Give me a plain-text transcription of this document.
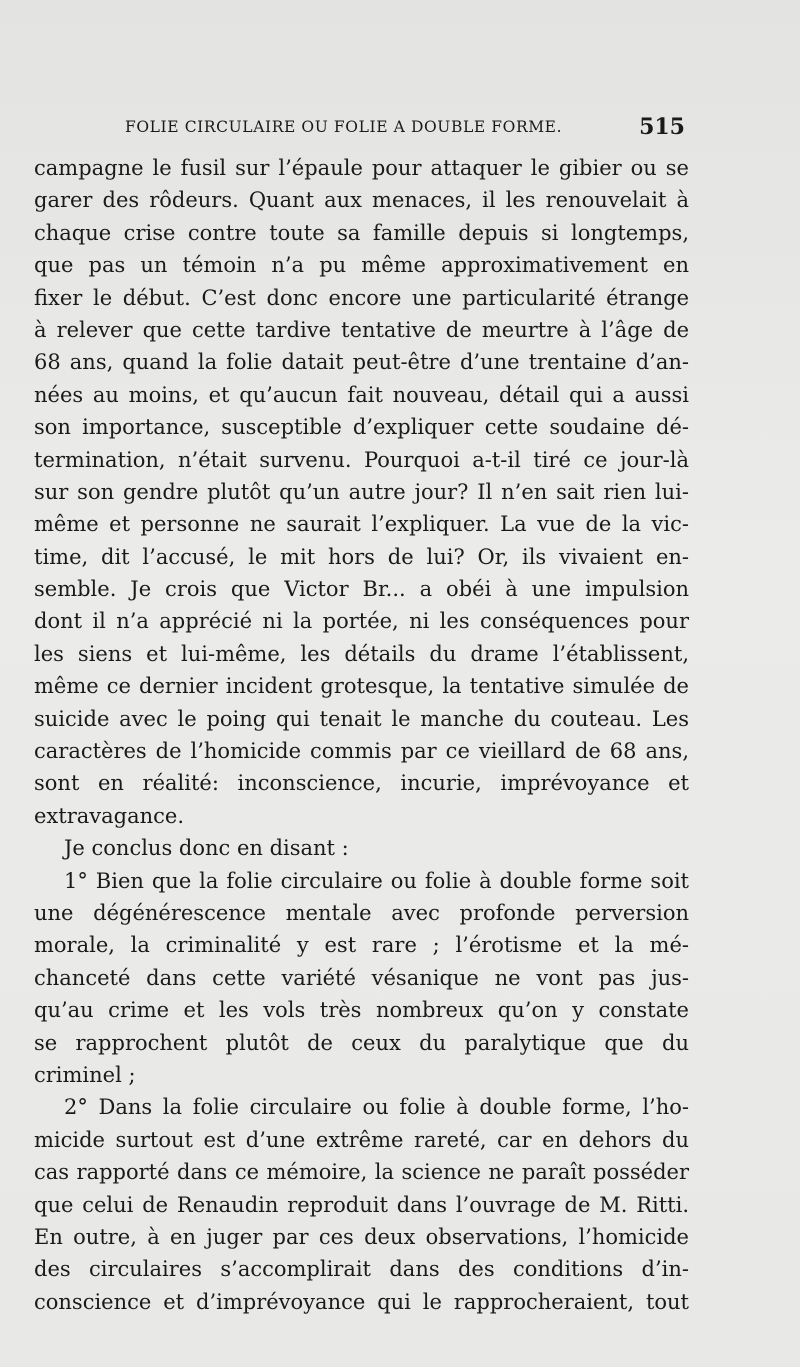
FOLIE CIRCULAIRE OU FOLIE A DOUBLE FORME.	515
campagne le fusil sur l’épaule pour attaquer le gibier ou se
garer des rôdeurs. Quant aux menaces, il les renouvelait à
chaque crise contre toute sa famille depuis si longtemps,
que pas un témoin n’a pu même approximativement en
fixer le début. C’est donc encore une particularité étrange
à relever que cette tardive tentative de meurtre à l’âge de
68 ans, quand la folie datait peut-être d’une trentaine d’an-
nées au moins, et qu’aucun fait nouveau, détail qui a aussi
son importance, susceptible d’expliquer cette soudaine dé-
termination, n’était survenu. Pourquoi a-t-il tiré ce jour-là
sur son gendre plutôt qu’un autre jour? Il n’en sait rien lui-
même et personne ne saurait l’expliquer. La vue de la vic-
time, dit l’accusé, le mit hors de lui? Or, ils vivaient en-
semble. Je crois que Victor Br... a obéi à une impulsion
dont il n’a apprécié ni la portée, ni les conséquences pour
les siens et lui-même, les détails du drame l’établissent,
même ce dernier incident grotesque, la tentative simulée de
suicide avec le poing qui tenait le manche du couteau. Les
caractères de l’homicide commis par ce vieillard de 68 ans,
sont en réalité: inconscience, incurie, imprévoyance et
extravagance.
Je conclus donc en disant :
1° Bien que la folie circulaire ou folie à double forme soit
une dégénérescence mentale avec profonde perversion
morale, la criminalité y est rare ; l’érotisme et la mé-
chanceté dans cette variété vésanique ne vont pas jus-
qu’au crime et les vols très nombreux qu’on y constate
se rapprochent plutôt de ceux du paralytique que du
criminel ;
2° Dans la folie circulaire ou folie à double forme, l’ho-
micide surtout est d’une extrême rareté, car en dehors du
cas rapporté dans ce mémoire, la science ne paraît posséder
que celui de Renaudin reproduit dans l’ouvrage de M. Ritti.
En outre, à en juger par ces deux observations, l’homicide
des circulaires s’accomplirait dans des conditions d’in-
conscience et d’imprévoyance qui le rapprocheraient, tout
